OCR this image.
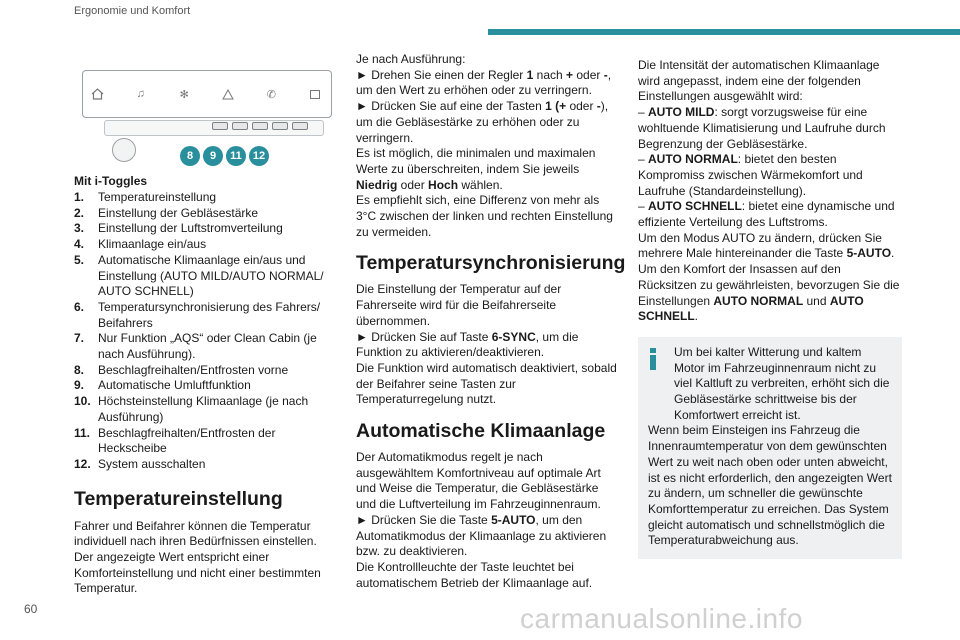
Ergonomie und Komfort
♫	✻	✆
8	9	11	12
Mit i-Toggles
1.	Temperatureinstellung
2.	Einstellung der Gebläsestärke
3.	Einstellung der Luftstromverteilung
4.	Klimaanlage ein/aus
5.	Automatische Klimaanlage ein/aus und Einstellung (AUTO MILD/AUTO NORMAL/ AUTO SCHNELL)
6.	Temperatursynchronisierung des Fahrers/ Beifahrers
7.	Nur Funktion „AQS“ oder Clean Cabin (je nach Ausführung).
8.	Beschlagfreihalten/Entfrosten vorne
9.	Automatische Umluftfunktion
10. Höchsteinstellung Klimaanlage (je nach Ausführung)
11. Beschlagfreihalten/Entfrosten der Heckscheibe
12. System ausschalten
Temperatureinstellung

Fahrer und Beifahrer können die Temperatur individuell nach ihren Bedürfnissen einstellen.

Der angezeigte Wert entspricht einer Komforteinstellung und nicht einer bestimmten Temperatur.

Je nach Ausführung:

► Drehen Sie einen der Regler 1 nach + oder -, um den Wert zu erhöhen oder zu verringern.

► Drücken Sie auf eine der Tasten 1 (+ oder -), um die Gebläsestärke zu erhöhen oder zu verringern.

Es ist möglich, die minimalen und maximalen Werte zu überschreiten, indem Sie jeweils Niedrig oder Hoch wählen.

Es empfiehlt sich, eine Differenz von mehr als 3°C zwischen der linken und rechten Einstellung zu vermeiden.

Temperatursynchronisierung

Die Einstellung der Temperatur auf der Fahrerseite wird für die Beifahrerseite übernommen.

► Drücken Sie auf Taste 6-SYNC, um die Funktion zu aktivieren/deaktivieren.

Die Funktion wird automatisch deaktiviert, sobald der Beifahrer seine Tasten zur Temperaturregelung nutzt.

Automatische Klimaanlage

Der Automatikmodus regelt je nach ausgewähltem Komfortniveau auf optimale Art und Weise die Temperatur, die Gebläsestärke und die Luftverteilung im Fahrzeuginnenraum.

► Drücken Sie die Taste 5-AUTO, um den Automatikmodus der Klimaanlage zu aktivieren bzw. zu deaktivieren.

Die Kontrollleuchte der Taste leuchtet bei automatischem Betrieb der Klimaanlage auf.

Die Intensität der automatischen Klimaanlage wird angepasst, indem eine der folgenden Einstellungen ausgewählt wird:

– AUTO MILD: sorgt vorzugsweise für eine wohltuende Klimatisierung und Laufruhe durch Begrenzung der Gebläsestärke.

– AUTO NORMAL: bietet den besten Kompromiss zwischen Wärmekomfort und Laufruhe (Standardeinstellung).

– AUTO SCHNELL: bietet eine dynamische und effiziente Verteilung des Luftstroms.

Um den Modus AUTO zu ändern, drücken Sie mehrere Male hintereinander die Taste 5-AUTO.

Um den Komfort der Insassen auf den Rücksitzen zu gewährleisten, bevorzugen Sie die Einstellungen AUTO NORMAL und AUTO SCHNELL.

Um bei kalter Witterung und kaltem Motor im Fahrzeuginnenraum nicht zu viel Kaltluft zu verbreiten, erhöht sich die Gebläsestärke schrittweise bis der Komfortwert erreicht ist.

Wenn beim Einsteigen ins Fahrzeug die Innenraumtemperatur von dem gewünschten Wert zu weit nach oben oder unten abweicht, ist es nicht erforderlich, den angezeigten Wert zu ändern, um schneller die gewünschte Komforttemperatur zu erreichen. Das System gleicht automatisch und schnellstmöglich die Temperaturabweichung aus.

60	carmanualsonline.info
